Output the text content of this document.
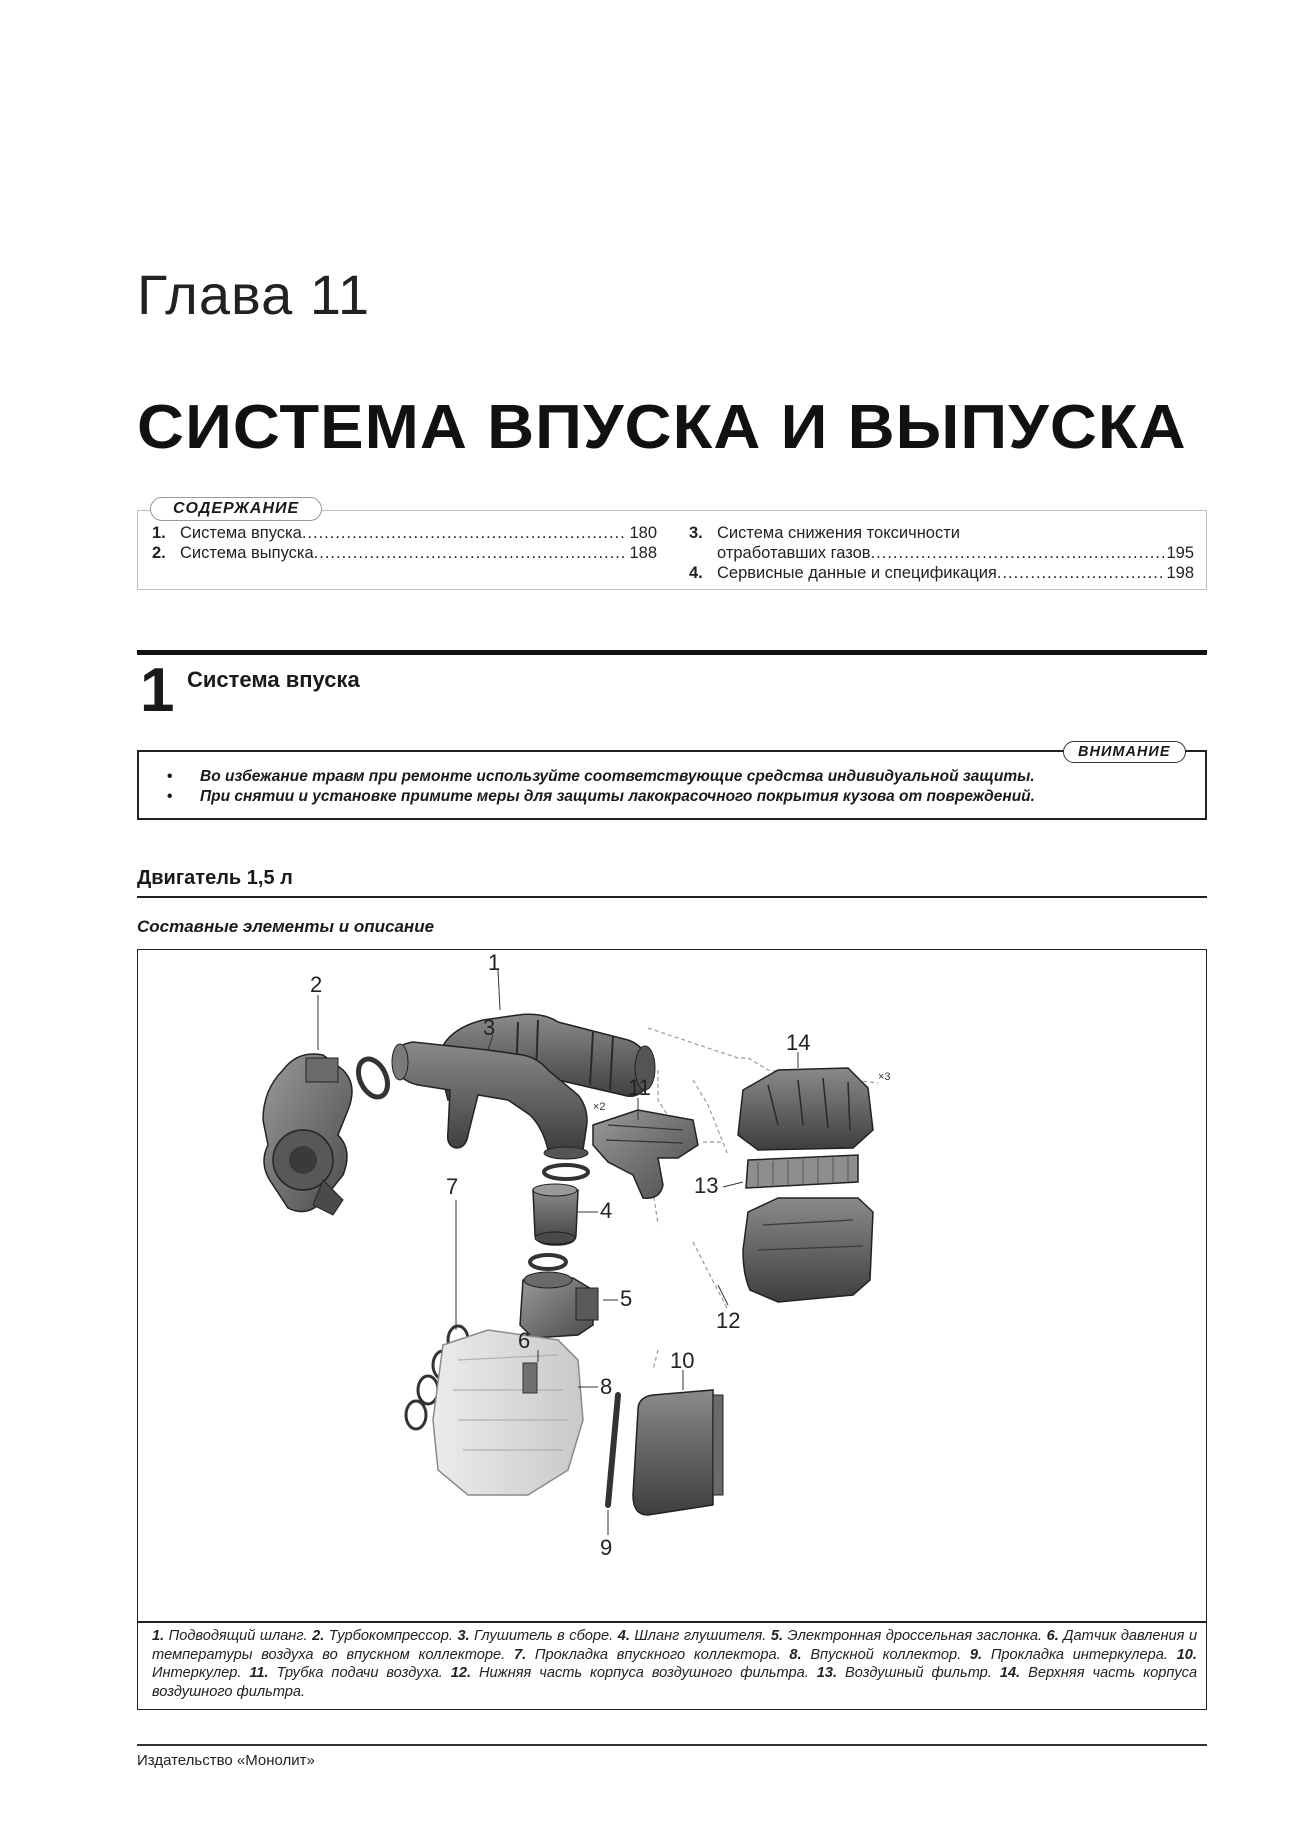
Глава 11
СИСТЕМА ВПУСКА И ВЫПУСКА
СОДЕРЖАНИЕ
1. Система впуска .....	180
2. Система выпуска .....	188
3. Система снижения токсичности
отработавших газов .....	195
4. Сервисные данные и спецификация .....	198
1 Система впуска
ВНИМАНИЕ
• Во избежание травм при ремонте используйте соответствующие средства индивидуальной защиты.
• При снятии и установке примите меры для защиты лакокрасочного покрытия кузова от повреждений.
Двигатель 1,5 л
Составные элементы и описание
1
2
3
4
5
6
7
8
9
10
11
12
13
14
×2
×3
1. Подводящий шланг. 2. Турбокомпрессор. 3. Глушитель в сборе. 4. Шланг глушителя. 5. Электронная дроссельная заслонка. 6. Датчик давления и температуры воздуха во впускном коллекторе. 7. Прокладка впускного коллектора. 8. Впускной коллектор. 9. Прокладка интеркулера. 10. Интеркулер. 11. Трубка подачи воздуха. 12. Нижняя часть корпуса воздушного фильтра. 13. Воздушный фильтр. 14. Верхняя часть корпуса воздушного фильтра.
Издательство «Монолит»
